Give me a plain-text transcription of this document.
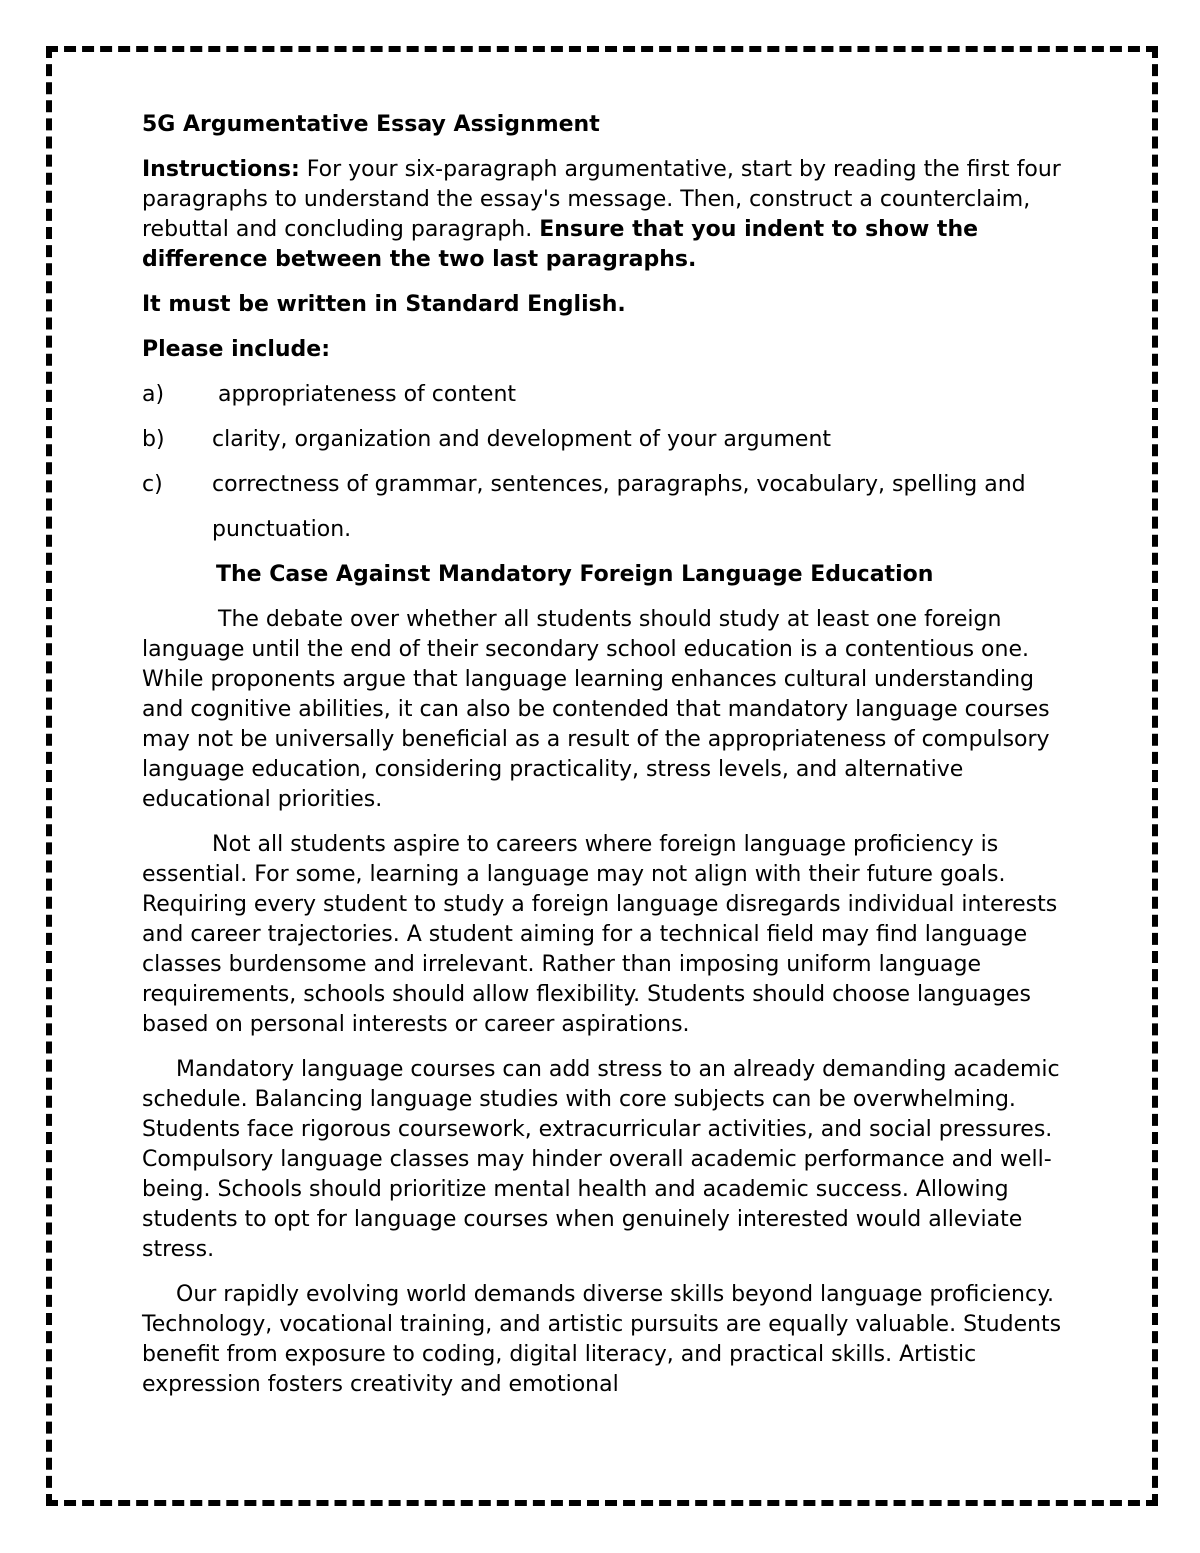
5G Argumentative Essay Assignment

Instructions: For your six-paragraph argumentative, start by reading the first four paragraphs to understand the essay's message. Then, construct a counterclaim, rebuttal and concluding paragraph. Ensure that you indent to show the difference between the two last paragraphs.

It must be written in Standard English.

Please include:

a) appropriateness of content

b) clarity, organization and development of your argument

c) correctness of grammar, sentences, paragraphs, vocabulary, spelling and

punctuation.

The Case Against Mandatory Foreign Language Education

The debate over whether all students should study at least one foreign language until the end of their secondary school education is a contentious one. While proponents argue that language learning enhances cultural understanding and cognitive abilities, it can also be contended that mandatory language courses may not be universally beneficial as a result of the appropriateness of compulsory language education, considering practicality, stress levels, and alternative educational priorities.

Not all students aspire to careers where foreign language proficiency is essential. For some, learning a language may not align with their future goals. Requiring every student to study a foreign language disregards individual interests and career trajectories. A student aiming for a technical field may find language classes burdensome and irrelevant. Rather than imposing uniform language requirements, schools should allow flexibility. Students should choose languages based on personal interests or career aspirations.

Mandatory language courses can add stress to an already demanding academic schedule. Balancing language studies with core subjects can be overwhelming. Students face rigorous coursework, extracurricular activities, and social pressures. Compulsory language classes may hinder overall academic performance and well-being. Schools should prioritize mental health and academic success. Allowing students to opt for language courses when genuinely interested would alleviate stress.

Our rapidly evolving world demands diverse skills beyond language proficiency. Technology, vocational training, and artistic pursuits are equally valuable. Students benefit from exposure to coding, digital literacy, and practical skills. Artistic expression fosters creativity and emotional
